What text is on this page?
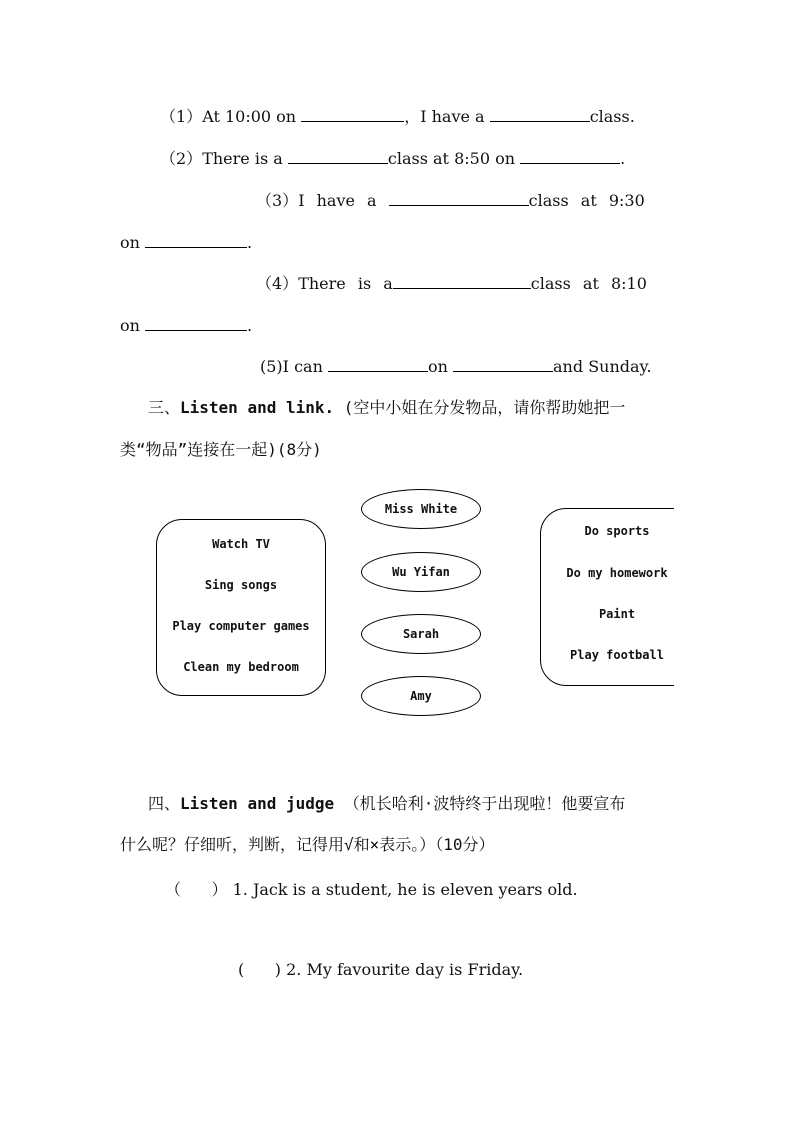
（1）At 10:00 on	，I have a	class.
（2）There is a	class at 8:50 on	.
（3）I have a	class at 9:30
on	.
（4）There is a	class at 8:10
on	.
(5)I can	on	and Sunday.
三、Listen and link. (空中小姐在分发物品，请你帮助她把一
类“物品”连接在一起)(8分)
Watch TV
Sing songs
Play computer games
Clean my bedroom
Miss White
Wu Yifan
Sarah
Amy
Do sports
Do my homework
Paint
Play football
四、Listen and judge （机长哈利·波特终于出现啦！他要宣布
什么呢？仔细听，判断，记得用√和×表示。）（10分）
（      ） 1. Jack is a student, he is eleven years old.
(      ) 2. My favourite day is Friday.
